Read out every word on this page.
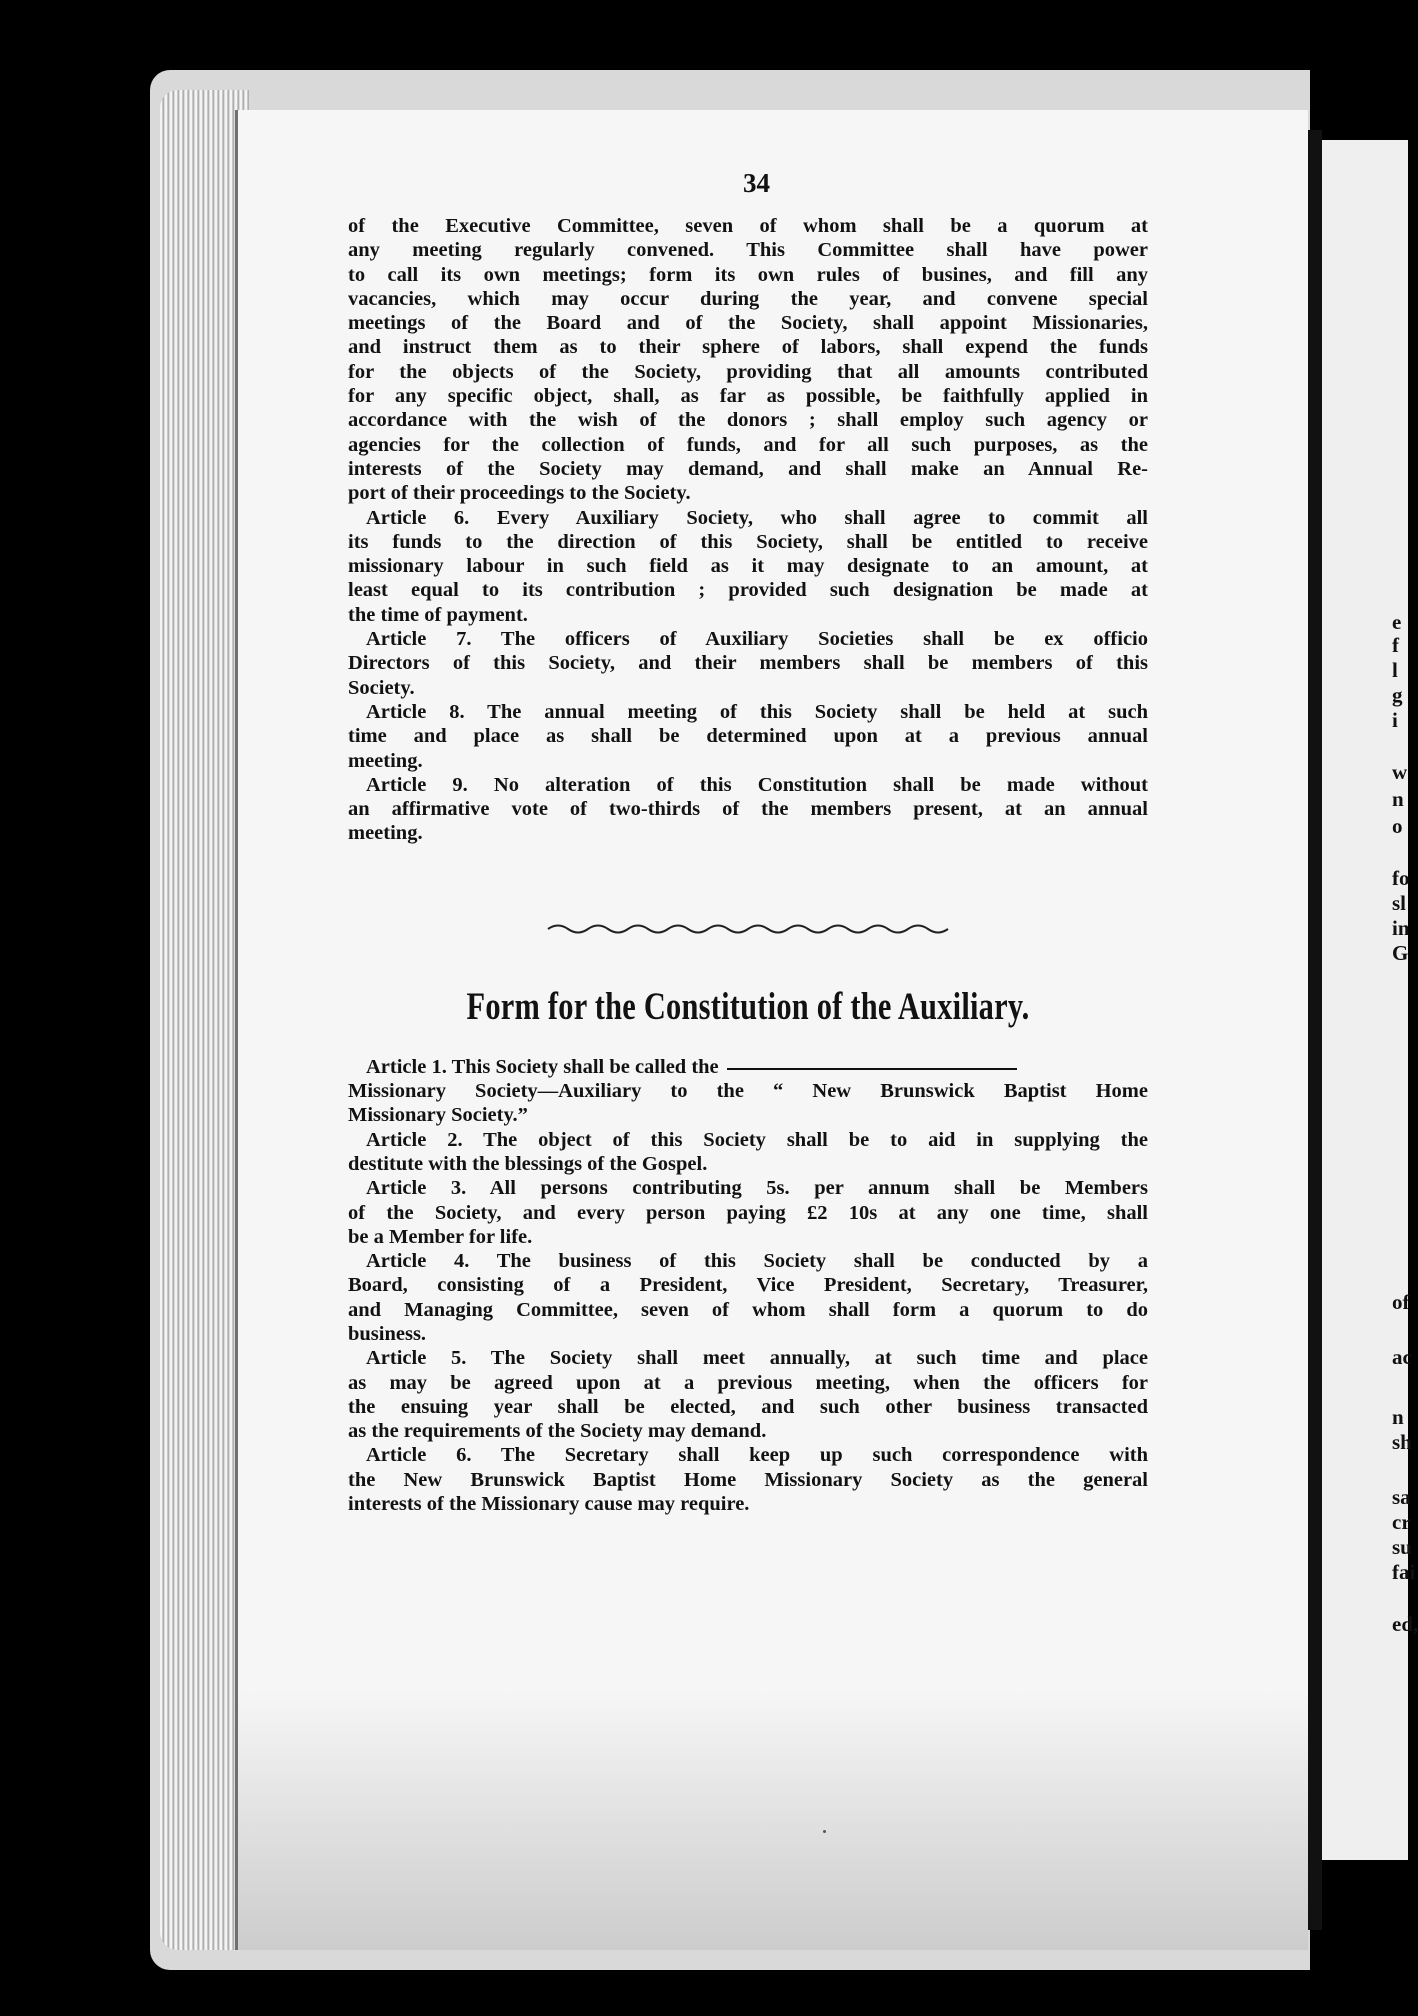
34

of the Executive Committee, seven of whom shall be a quorum at

any meeting regularly convened. This Committee shall have power

to call its own meetings; form its own rules of busines, and fill any

vacancies, which may occur during the year, and convene special

meetings of the Board and of the Society, shall appoint Missionaries,

and instruct them as to their sphere of labors, shall expend the funds

for the objects of the Society, providing that all amounts contributed

for any specific object, shall, as far as possible, be faithfully applied in

accordance with the wish of the donors ; shall employ such agency or

agencies for the collection of funds, and for all such purposes, as the

interests of the Society may demand, and shall make an Annual Re-

port of their proceedings to the Society.

Article 6. Every Auxiliary Society, who shall agree to commit all

its funds to the direction of this Society, shall be entitled to receive

missionary labour in such field as it may designate to an amount, at

least equal to its contribution ; provided such designation be made at

the time of payment.

Article 7. The officers of Auxiliary Societies shall be ex officio

Directors of this Society, and their members shall be members of this

Society.

Article 8. The annual meeting of this Society shall be held at such

time and place as shall be determined upon at a previous annual

meeting.

Article 9. No alteration of this Constitution shall be made without

an affirmative vote of two-thirds of the members present, at an annual

meeting.

Form for the Constitution of the Auxiliary.

Article 1. This Society shall be called the

Missionary Society—Auxiliary to the “ New Brunswick Baptist Home

Missionary Society.”

Article 2. The object of this Society shall be to aid in supplying the

destitute with the blessings of the Gospel.

Article 3. All persons contributing 5s. per annum shall be Members

of the Society, and every person paying £2 10s at any one time, shall

be a Member for life.

Article 4. The business of this Society shall be conducted by a

Board, consisting of a President, Vice President, Secretary, Treasurer,

and Managing Committee, seven of whom shall form a quorum to do

business.

Article 5. The Society shall meet annually, at such time and place

as may be agreed upon at a previous meeting, when the officers for

the ensuing year shall be elected, and such other business transacted

as the requirements of the Society may demand.

Article 6. The Secretary shall keep up such correspondence with

the New Brunswick Baptist Home Missionary Society as the general

interests of the Missionary cause may require.

e
f
l
g
i
w
n
o
fo
sl
in
G
of
ac
n
sh
sa
cr
su
fai
ed,
